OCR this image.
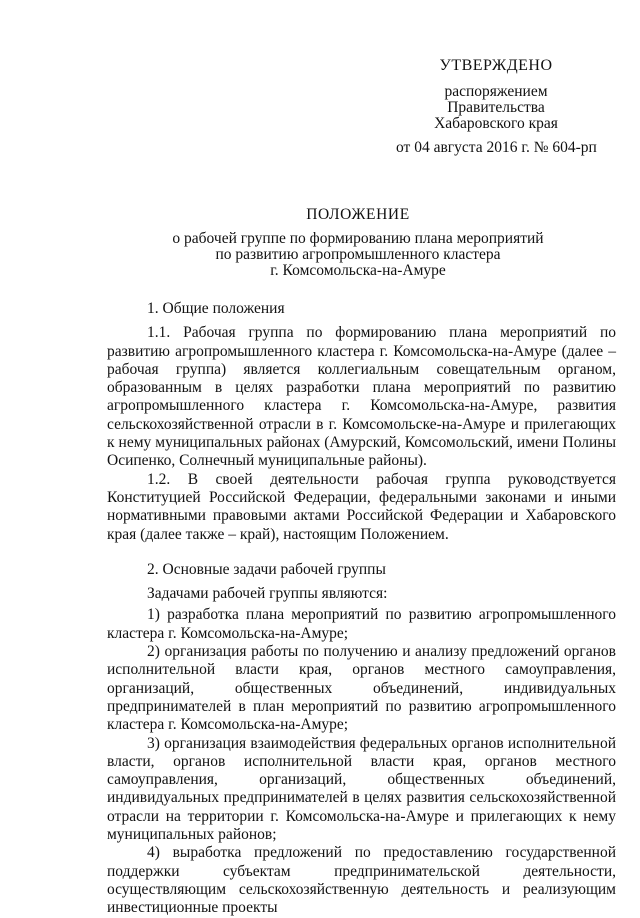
УТВЕРЖДЕНО
распоряжением
Правительства
Хабаровского края
от 04 августа 2016 г. № 604-рп
ПОЛОЖЕНИЕ
о рабочей группе по формированию плана мероприятий
по развитию агропромышленного кластера
г. Комсомольска-на-Амуре

1. Общие положения

1.1. Рабочая группа по формированию плана мероприятий по развитию агропромышленного кластера г. Комсомольска-на-Амуре (далее – рабочая группа) является коллегиальным совещательным органом, образованным в целях разработки плана мероприятий по развитию агропромышленного кластера г. Комсомольска-на-Амуре, развития сельскохозяйственной отрасли в г. Комсомольске-на-Амуре и прилегающих к нему муниципальных районах (Амурский, Комсомольский, имени Полины Осипенко, Солнечный муниципальные районы).

1.2. В своей деятельности рабочая группа руководствуется Конституцией Российской Федерации, федеральными законами и иными нормативными правовыми актами Российской Федерации и Хабаровского края (далее также – край), настоящим Положением.

2. Основные задачи рабочей группы

Задачами рабочей группы являются:

1) разработка плана мероприятий по развитию агропромышленного кластера г. Комсомольска-на-Амуре;

2) организация работы по получению и анализу предложений органов исполнительной власти края, органов местного самоуправления, организаций, общественных объединений, индивидуальных предпринимателей в план мероприятий по развитию агропромышленного кластера г. Комсомольска-на-Амуре;

3) организация взаимодействия федеральных органов исполнительной власти, органов исполнительной власти края, органов местного самоуправления, организаций, общественных объединений, индивидуальных предпринимателей в целях развития сельскохозяйственной отрасли на территории г. Комсомольска-на-Амуре и прилегающих к нему муниципальных районов;

4) выработка предложений по предоставлению государственной поддержки субъектам предпринимательской деятельности, осуществляющим сельскохозяйственную деятельность и реализующим инвестиционные проекты
